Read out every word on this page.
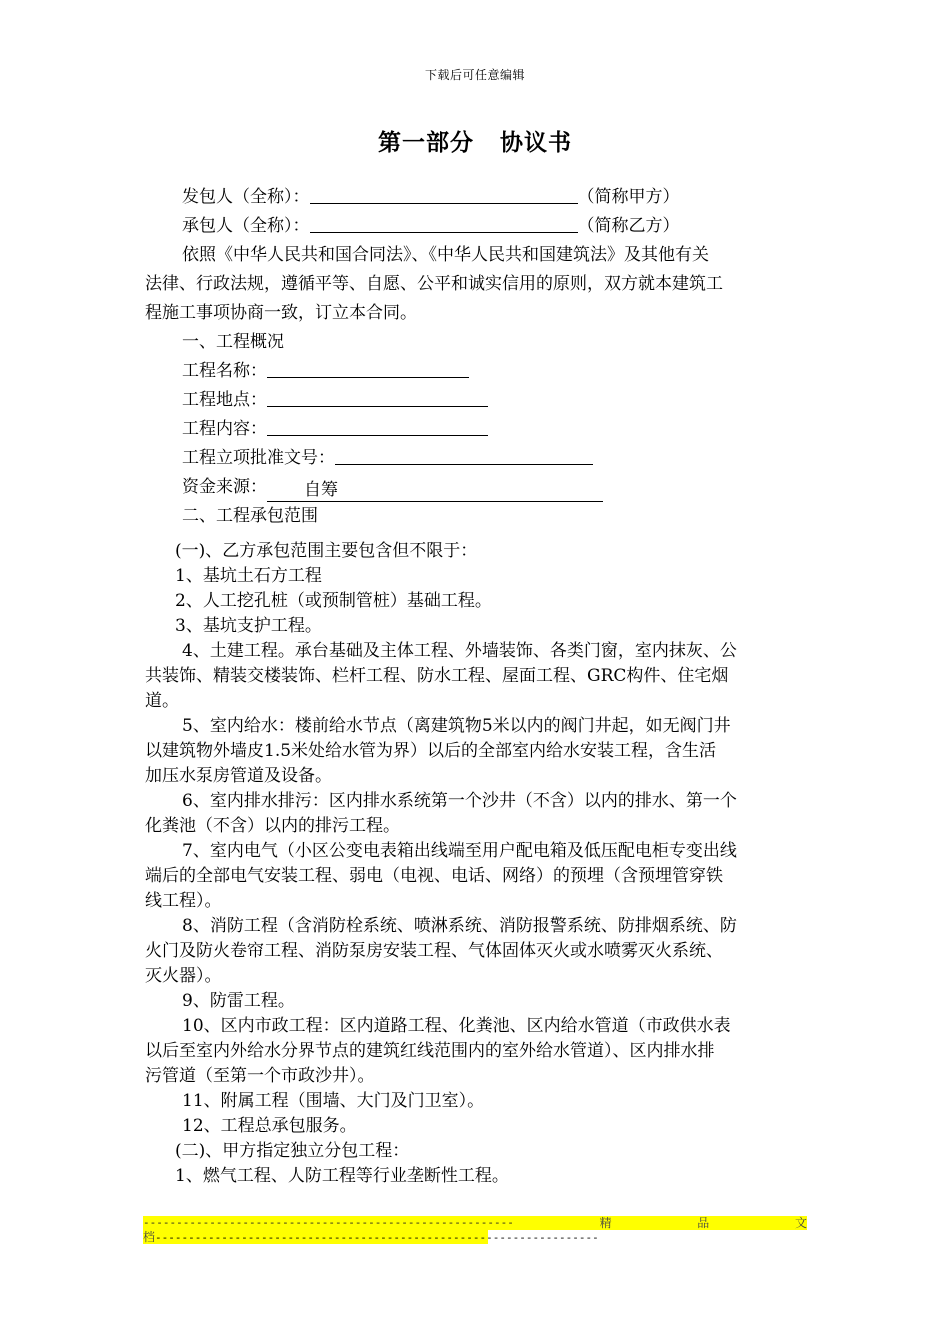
下载后可任意编辑
第一部分 协议书

发包人（全称）：	（简称甲方）

承包人（全称）：	（简称乙方）

依照《中华人民共和国合同法》、《中华人民共和国建筑法》及其他有关

法律、行政法规，遵循平等、自愿、公平和诚实信用的原则，双方就本建筑工

程施工事项协商一致，订立本合同。

一、工程概况

工程名称：

工程地点：

工程内容：

工程立项批准文号：

资金来源： 自筹

二、工程承包范围

(一)、乙方承包范围主要包含但不限于：

1、基坑土石方工程

2、人工挖孔桩（或预制管桩）基础工程。

3、基坑支护工程。

4、土建工程。承台基础及主体工程、外墙装饰、各类门窗，室内抹灰、公

共装饰、精装交楼装饰、栏杆工程、防水工程、屋面工程、GRC构件、住宅烟

道。

5、室内给水：楼前给水节点（离建筑物5米以内的阀门井起，如无阀门井

以建筑物外墙皮1.5米处给水管为界）以后的全部室内给水安装工程，含生活

加压水泵房管道及设备。

6、室内排水排污：区内排水系统第一个沙井（不含）以内的排水、第一个

化粪池（不含）以内的排污工程。

7、室内电气（小区公变电表箱出线端至用户配电箱及低压配电柜专变出线

端后的全部电气安装工程、弱电（电视、电话、网络）的预埋（含预埋管穿铁

线工程）。

8、消防工程（含消防栓系统、喷淋系统、消防报警系统、防排烟系统、防

火门及防火卷帘工程、消防泵房安装工程、气体固体灭火或水喷雾灭火系统、

灭火器）。

9、防雷工程。

10、区内市政工程：区内道路工程、化粪池、区内给水管道（市政供水表

以后至室内外给水分界节点的建筑红线范围内的室外给水管道）、区内排水排

污管道（至第一个市政沙井）。

11、附属工程（围墙、大门及门卫室）。

12、工程总承包服务。

(二)、甲方指定独立分包工程：

1、燃气工程、人防工程等行业垄断性工程。

--------------------------------------------------------	精	品	文
档-------------------------------------------------------------------
